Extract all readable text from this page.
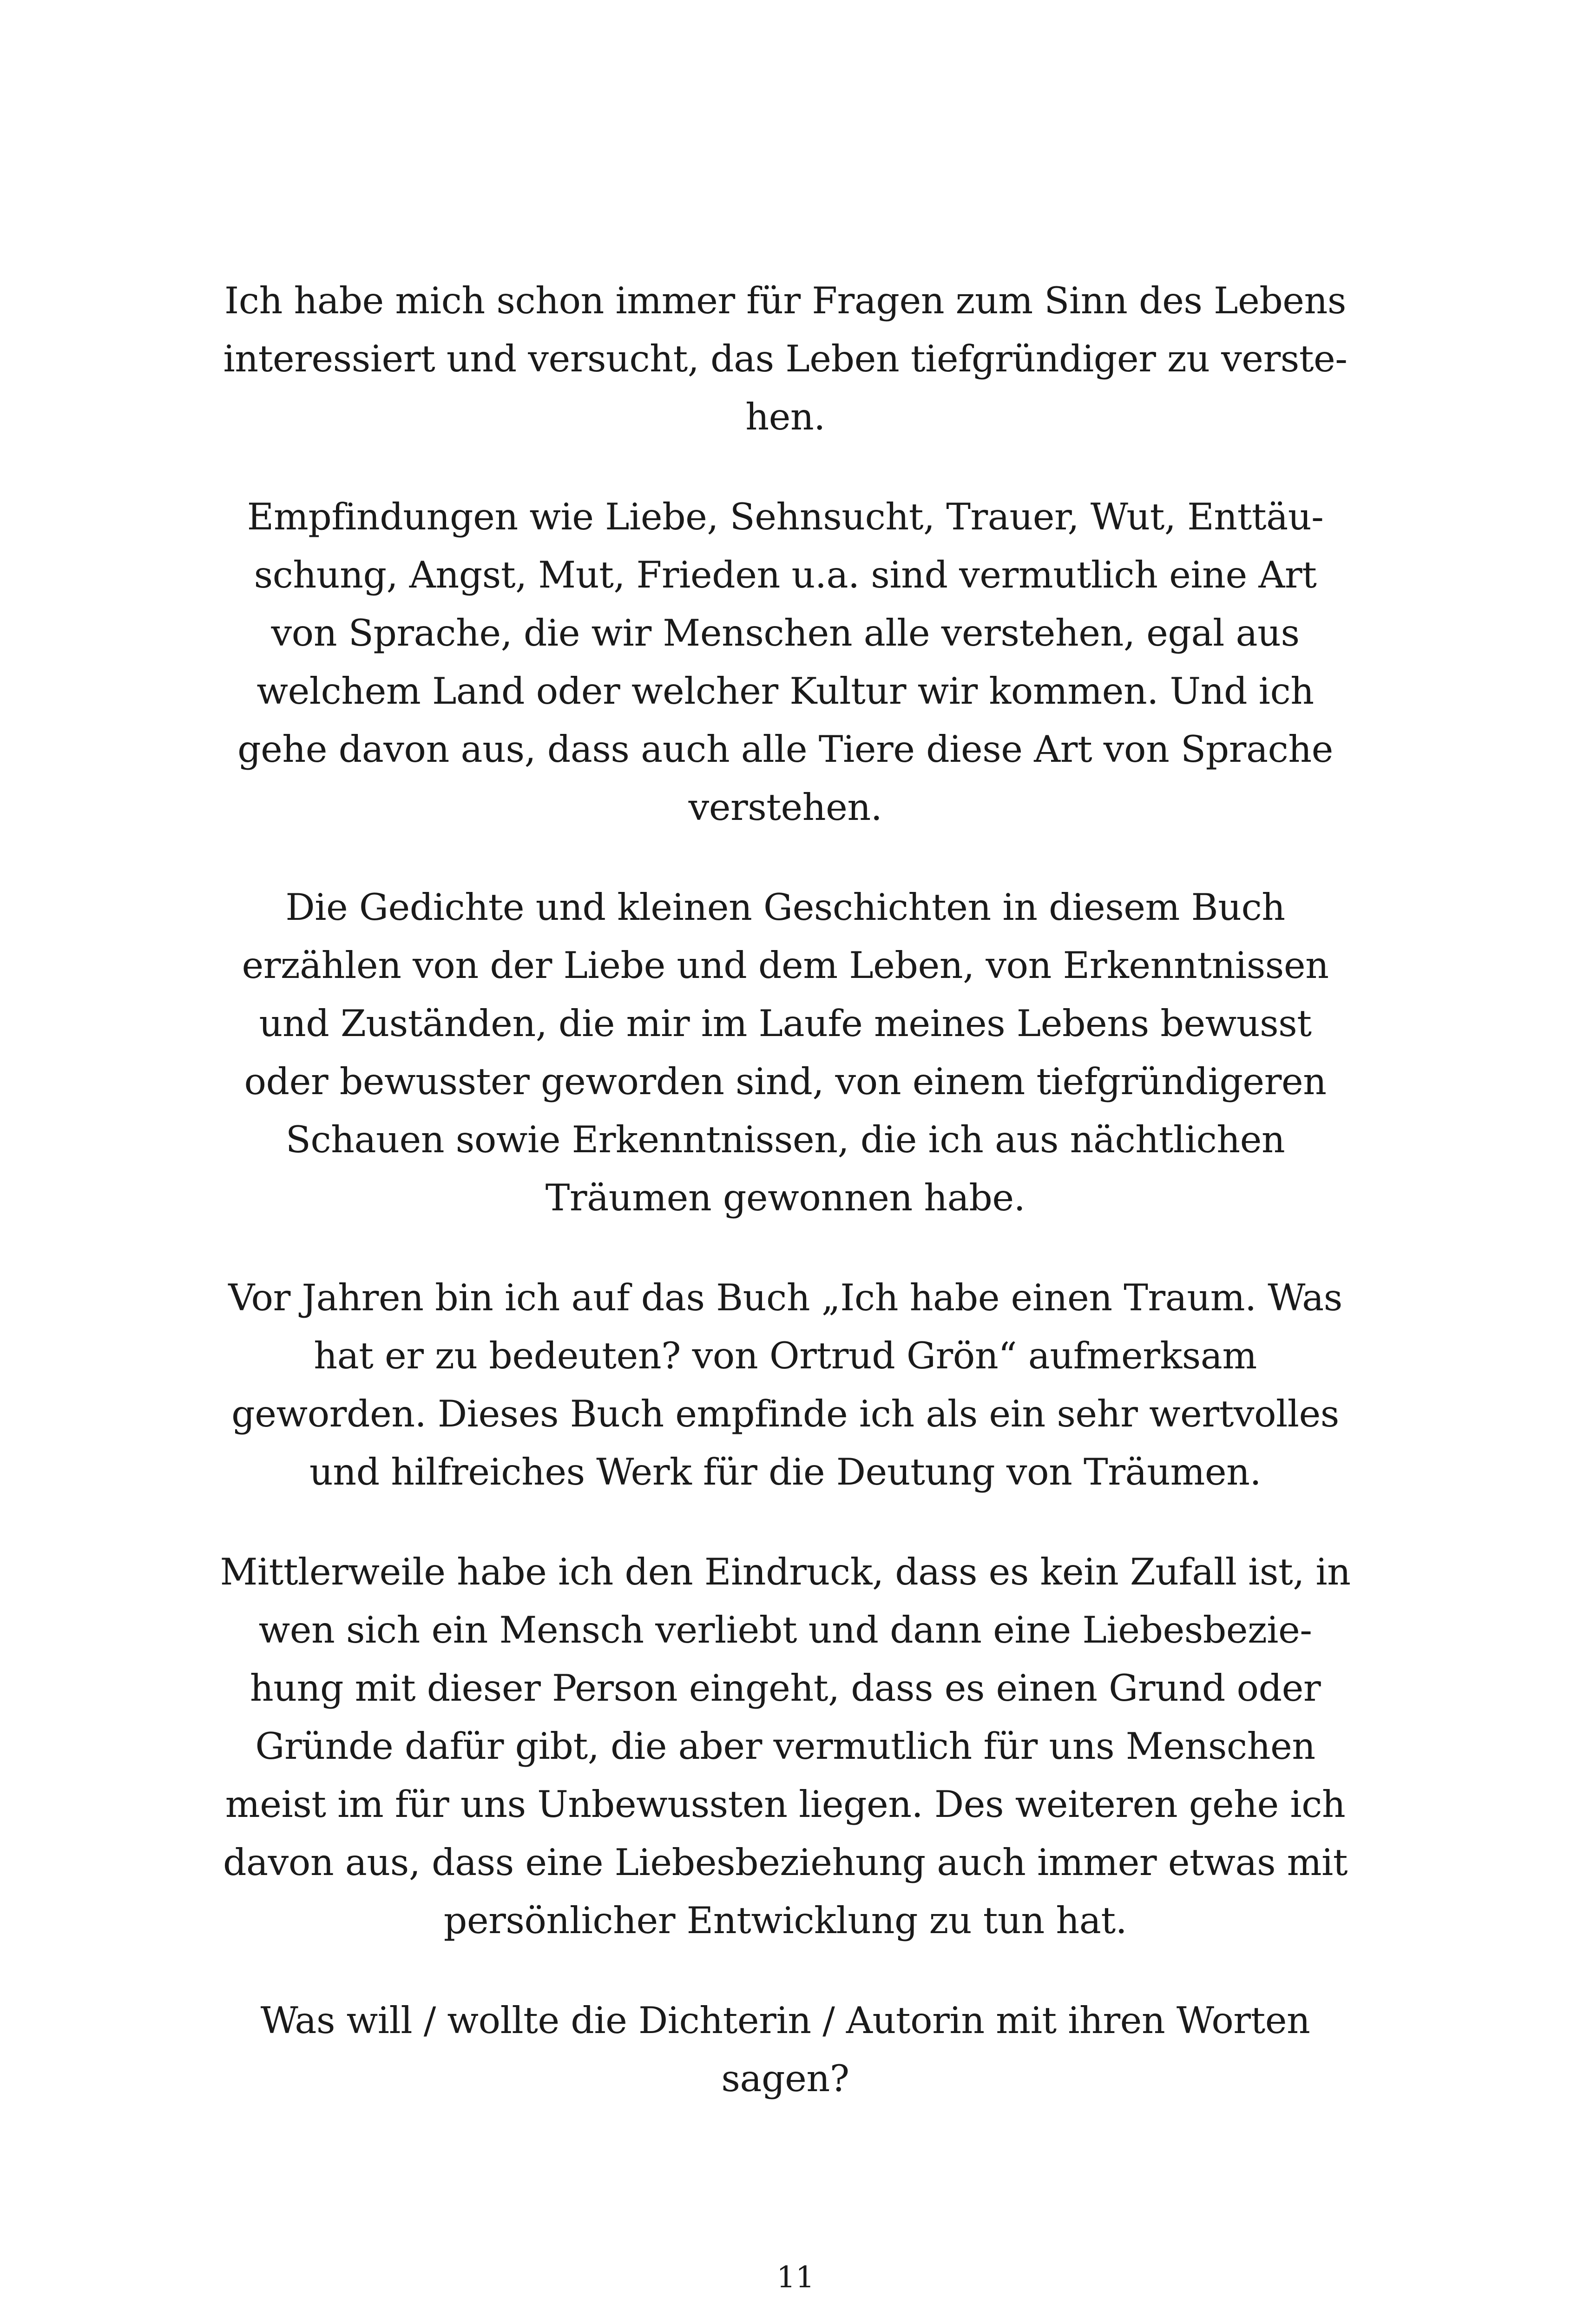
Ich habe mich schon immer für Fragen zum Sinn des Lebens
interessiert und versucht, das Leben tiefgründiger zu verste-
hen.

Empfindungen wie Liebe, Sehnsucht, Trauer, Wut, Enttäu-
schung, Angst, Mut, Frieden u.a. sind vermutlich eine Art
von Sprache, die wir Menschen alle verstehen, egal aus
welchem Land oder welcher Kultur wir kommen. Und ich
gehe davon aus, dass auch alle Tiere diese Art von Sprache
verstehen.

Die Gedichte und kleinen Geschichten in diesem Buch
erzählen von der Liebe und dem Leben, von Erkenntnissen
und Zuständen, die mir im Laufe meines Lebens bewusst
oder bewusster geworden sind, von einem tiefgründigeren
Schauen sowie Erkenntnissen, die ich aus nächtlichen
Träumen gewonnen habe.

Vor Jahren bin ich auf das Buch „Ich habe einen Traum. Was
hat er zu bedeuten? von Ortrud Grön“ aufmerksam
geworden. Dieses Buch empfinde ich als ein sehr wertvolles
und hilfreiches Werk für die Deutung von Träumen.

Mittlerweile habe ich den Eindruck, dass es kein Zufall ist, in
wen sich ein Mensch verliebt und dann eine Liebesbezie-
hung mit dieser Person eingeht, dass es einen Grund oder
Gründe dafür gibt, die aber vermutlich für uns Menschen
meist im für uns Unbewussten liegen. Des weiteren gehe ich
davon aus, dass eine Liebesbeziehung auch immer etwas mit
persönlicher Entwicklung zu tun hat.

Was will / wollte die Dichterin / Autorin mit ihren Worten
sagen?

11
